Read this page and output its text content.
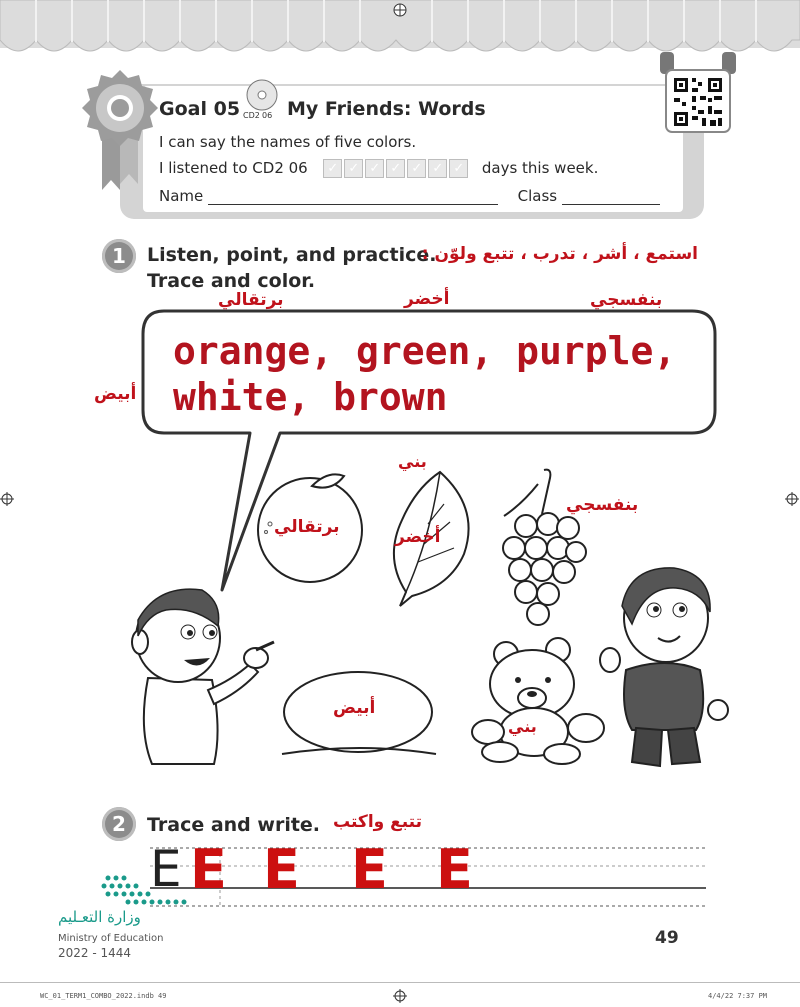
Goal 05 CD2 06 My Friends: Words
I can say the names of five colors.
I listened to CD2 06 ✓ ✓ ✓ ✓ ✓ ✓ ✓ days this week.
Name	Class
1	Listen, point, and practice.
Trace and color.
استمع ، أشر ، تدرب ، تتبع ولوّن :
برتقالي	أخضر	بنفسجي
أبيض
بني
orange, green, purple,
white, brown
برتقالي	أخضر
بنفسجي
أبيض
بني
2	Trace and write. تتبع واكتب
E E E E E
وزارة التعـليم
Ministry of Education
2022 - 1444
49
WC_01_TERM1_COMBO_2022.indb 49	4/4/22 7:37 PM
